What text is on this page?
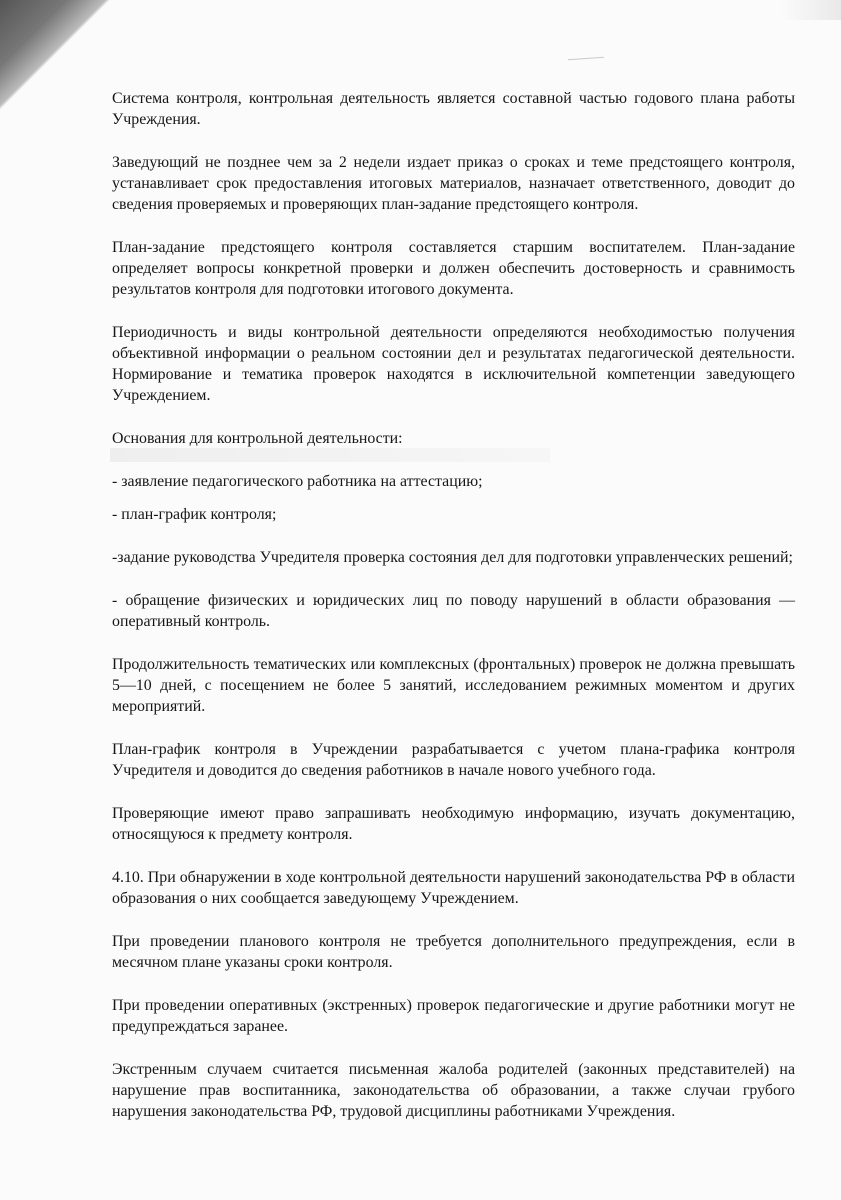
Система контроля, контрольная деятельность является составной частью годового плана работы Учреждения.

Заведующий не позднее чем за 2 недели издает приказ о сроках и теме предстоящего контроля, устанавливает срок предоставления итоговых материалов, назначает ответственного, доводит до сведения проверяемых и проверяющих план-задание предстоящего контроля.

План-задание предстоящего контроля составляется старшим воспитателем. План-задание определяет вопросы конкретной проверки и должен обеспечить достоверность и сравнимость результатов контроля для подготовки итогового документа.

Периодичность и виды контрольной деятельности определяются необходимостью получения объективной информации о реальном состоянии дел и результатах педагогической деятельности. Нормирование и тематика проверок находятся в исключительной компетенции заведующего Учреждением.

Основания для контрольной деятельности:

- заявление педагогического работника на аттестацию;

- план-график контроля;

-задание руководства Учредителя проверка состояния дел для подготовки управленческих решений;

- обращение физических и юридических лиц по поводу нарушений в области образования — оперативный контроль.

Продолжительность тематических или комплексных (фронтальных) проверок не должна превышать 5—10 дней, с посещением не более 5 занятий, исследованием режимных моментом и других мероприятий.

План-график контроля в Учреждении разрабатывается с учетом плана-графика контроля Учредителя и доводится до сведения работников в начале нового учебного года.

Проверяющие имеют право запрашивать необходимую информацию, изучать документацию, относящуюся к предмету контроля.

4.10. При обнаружении в ходе контрольной деятельности нарушений законодательства РФ в области образования о них сообщается заведующему Учреждением.

При проведении планового контроля не требуется дополнительного предупреждения, если в месячном плане указаны сроки контроля.

При проведении оперативных (экстренных) проверок педагогические и другие работники могут не предупреждаться заранее.

Экстренным случаем считается письменная жалоба родителей (законных представителей) на нарушение прав воспитанника, законодательства об образовании, а также случаи грубого нарушения законодательства РФ, трудовой дисциплины работниками Учреждения.
